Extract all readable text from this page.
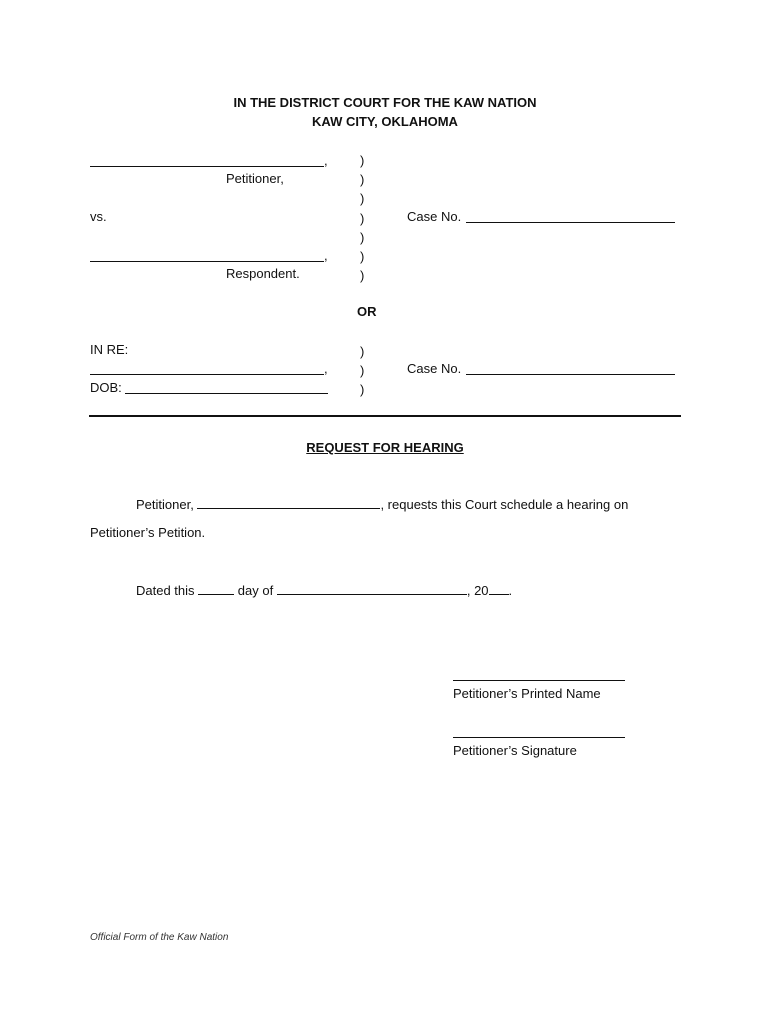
IN THE DISTRICT COURT FOR THE KAW NATION
KAW CITY, OKLAHOMA
,
Petitioner,
vs.
,
Respondent.
)
)
)
)
)
)
)
Case No.
OR
IN RE:
,
DOB:
)
)
)
Case No.
REQUEST FOR HEARING
Petitioner,	, requests this Court schedule a hearing on
Petitioner’s Petition.
Dated this	day of	, 20 .
Petitioner’s Printed Name
Petitioner’s Signature
Official Form of the Kaw Nation
